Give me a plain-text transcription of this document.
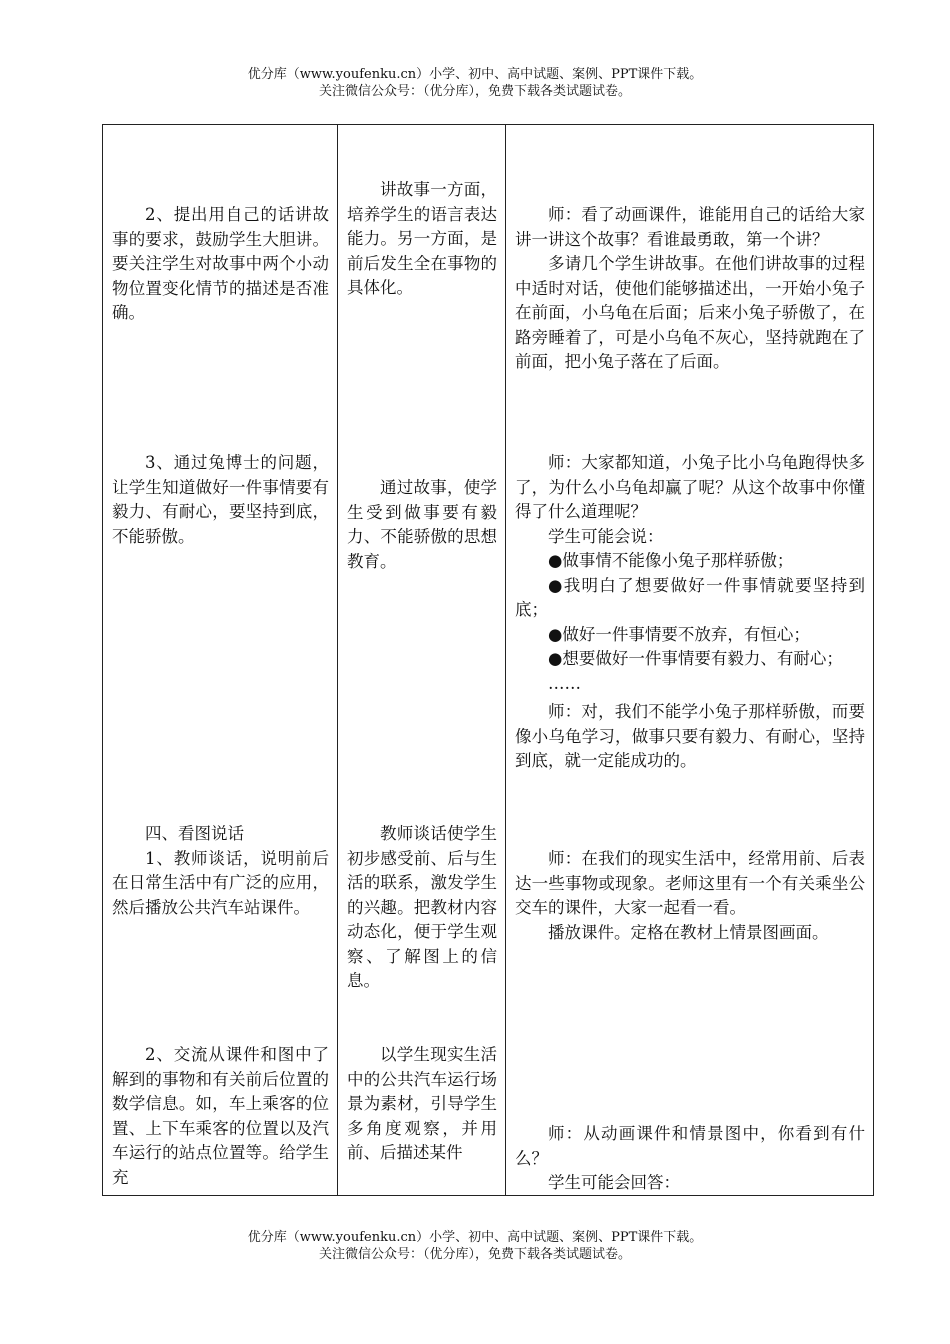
优分库（www.youfenku.cn）小学、初中、高中试题、案例、PPT课件下载。
关注微信公众号：（优分库），免费下载各类试题试卷。

2、提出用自己的话讲故事的要求，鼓励学生大胆讲。要关注学生对故事中两个小动物位置变化情节的描述是否准确。

讲故事一方面，培养学生的语言表达能力。另一方面，是前后发生全在事物的具体化。

师：看了动画课件，谁能用自己的话给大家讲一讲这个故事？看谁最勇敢，第一个讲？

多请几个学生讲故事。在他们讲故事的过程中适时对话，使他们能够描述出，一开始小兔子在前面，小乌龟在后面；后来小兔子骄傲了，在路旁睡着了，可是小乌龟不灰心，坚持就跑在了前面，把小兔子落在了后面。

3、通过兔博士的问题，让学生知道做好一件事情要有毅力、有耐心，要坚持到底，不能骄傲。

通过故事，使学生受到做事要有毅力、不能骄傲的思想教育。

师：大家都知道，小兔子比小乌龟跑得快多了，为什么小乌龟却赢了呢？从这个故事中你懂得了什么道理呢？

学生可能会说：

●做事情不能像小兔子那样骄傲；

●我明白了想要做好一件事情就要坚持到底；

●做好一件事情要不放弃，有恒心；

●想要做好一件事情要有毅力、有耐心；

……

师：对，我们不能学小兔子那样骄傲，而要像小乌龟学习，做事只要有毅力、有耐心，坚持到底，就一定能成功的。

四、看图说话

1、教师谈话，说明前后在日常生活中有广泛的应用，然后播放公共汽车站课件。

教师谈话使学生初步感受前、后与生活的联系，激发学生的兴趣。把教材内容动态化，便于学生观察、了解图上的信息。

师：在我们的现实生活中，经常用前、后表达一些事物或现象。老师这里有一个有关乘坐公交车的课件，大家一起看一看。

播放课件。定格在教材上情景图画面。

2、交流从课件和图中了解到的事物和有关前后位置的数学信息。如，车上乘客的位置、上下车乘客的位置以及汽车运行的站点位置等。给学生充

以学生现实生活中的公共汽车运行场景为素材，引导学生多角度观察，并用前、后描述某件

师：从动画课件和情景图中，你看到有什么？

学生可能会回答：

优分库（www.youfenku.cn）小学、初中、高中试题、案例、PPT课件下载。
关注微信公众号：（优分库），免费下载各类试题试卷。
